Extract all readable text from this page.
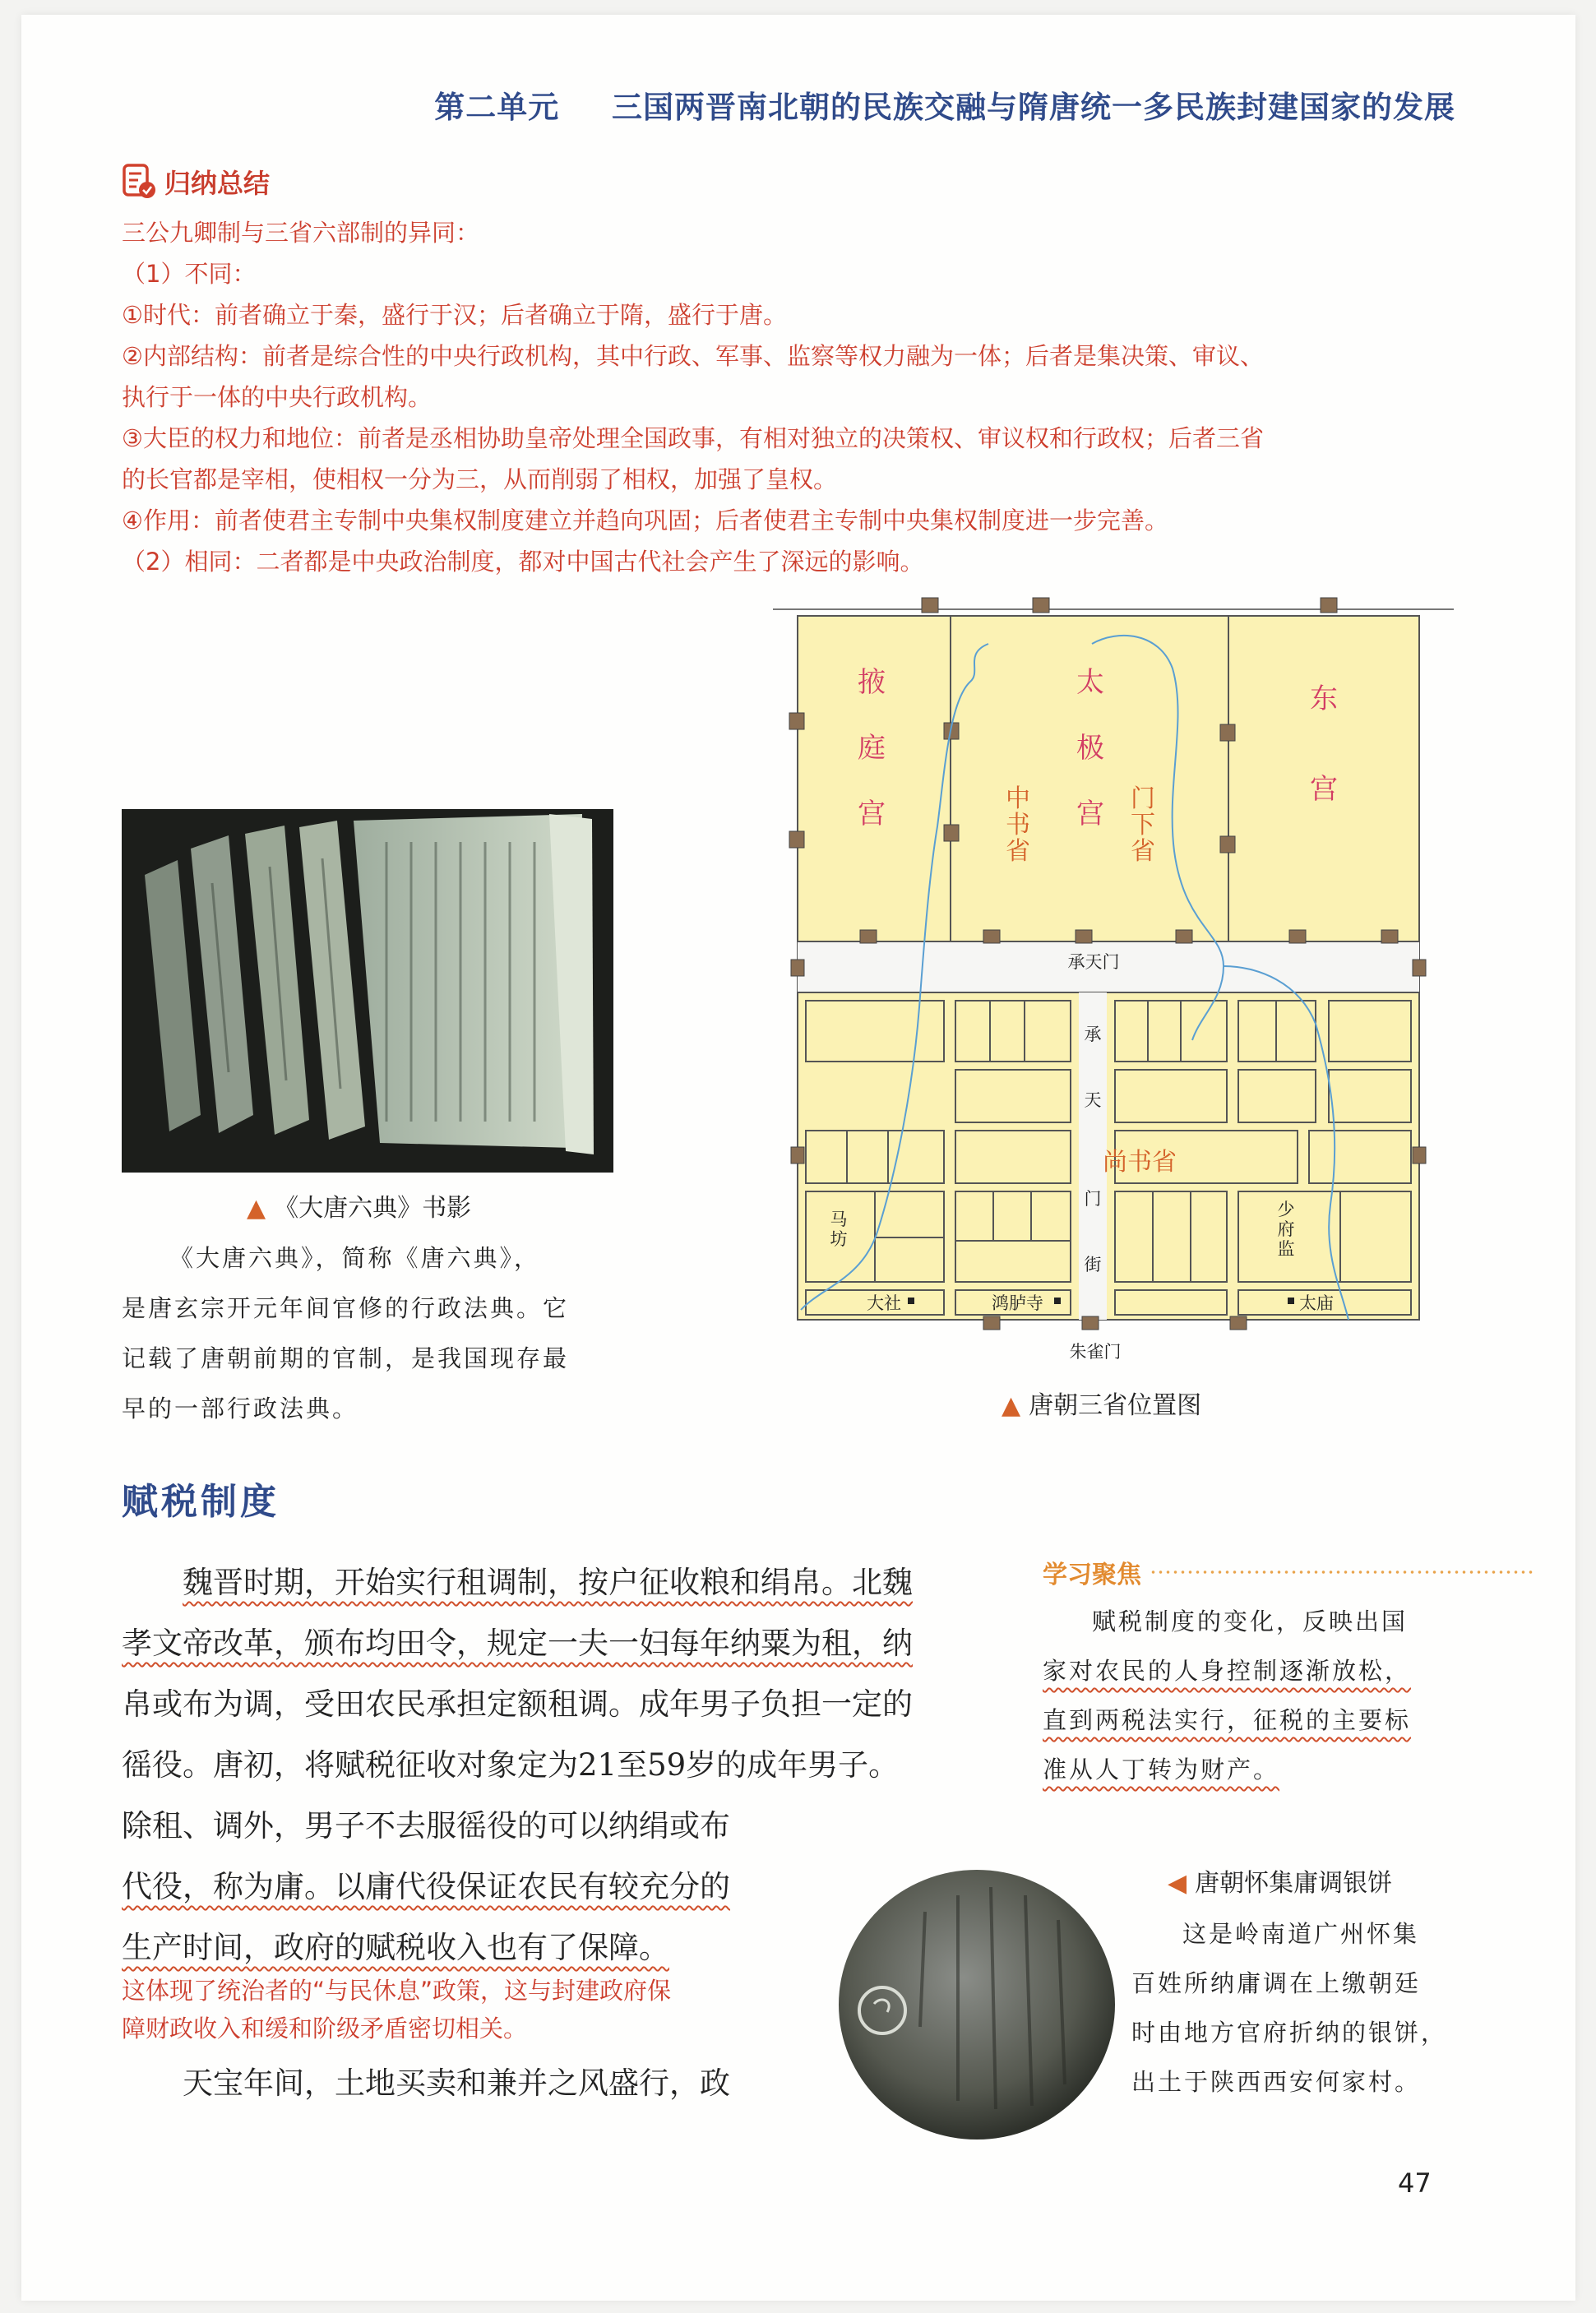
第二单元 三国两晋南北朝的民族交融与隋唐统一多民族封建国家的发展
归纳总结

三公九卿制与三省六部制的异同：

（1）不同：

①时代：前者确立于秦，盛行于汉；后者确立于隋，盛行于唐。

②内部结构：前者是综合性的中央行政机构，其中行政、军事、监察等权力融为一体；后者是集决策、审议、

执行于一体的中央行政机构。

③大臣的权力和地位：前者是丞相协助皇帝处理全国政事，有相对独立的决策权、审议权和行政权；后者三省

的长官都是宰相，使相权一分为三，从而削弱了相权，加强了皇权。

④作用：前者使君主专制中央集权制度建立并趋向巩固；后者使君主专制中央集权制度进一步完善。

（2）相同：二者都是中央政治制度，都对中国古代社会产生了深远的影响。

▲ 《大唐六典》书影

《大唐六典》，简称《唐六典》，

是唐玄宗开元年间官修的行政法典。它

记载了唐朝前期的官制，是我国现存最

早的一部行政法典。

掖
庭
宫
太
极
宫
东
宫
中
书
省
门
下
省
尚书省
承天门
承
天
门
街
朱雀门
马
坊
少
府
监
大社	鸿胪寺	太庙
▲ 唐朝三省位置图
赋税制度

魏晋时期，开始实行租调制，按户征收粮和绢帛。北魏

孝文帝改革，颁布均田令，规定一夫一妇每年纳粟为租，纳

帛或布为调，受田农民承担定额租调。成年男子负担一定的

徭役。唐初，将赋税征收对象定为21至59岁的成年男子。

除租、调外，男子不去服徭役的可以纳绢或布

代役，称为庸。以庸代役保证农民有较充分的

生产时间，政府的赋税收入也有了保障。

这体现了统治者的“与民休息”政策，这与封建政府保

障财政收入和缓和阶级矛盾密切相关。

天宝年间，土地买卖和兼并之风盛行，政

学习聚焦

赋税制度的变化，反映出国

家对农民的人身控制逐渐放松，

直到两税法实行，征税的主要标

准从人丁转为财产。

◀ 唐朝怀集庸调银饼

这是岭南道广州怀集

百姓所纳庸调在上缴朝廷

时由地方官府折纳的银饼，

出土于陕西西安何家村。

47
